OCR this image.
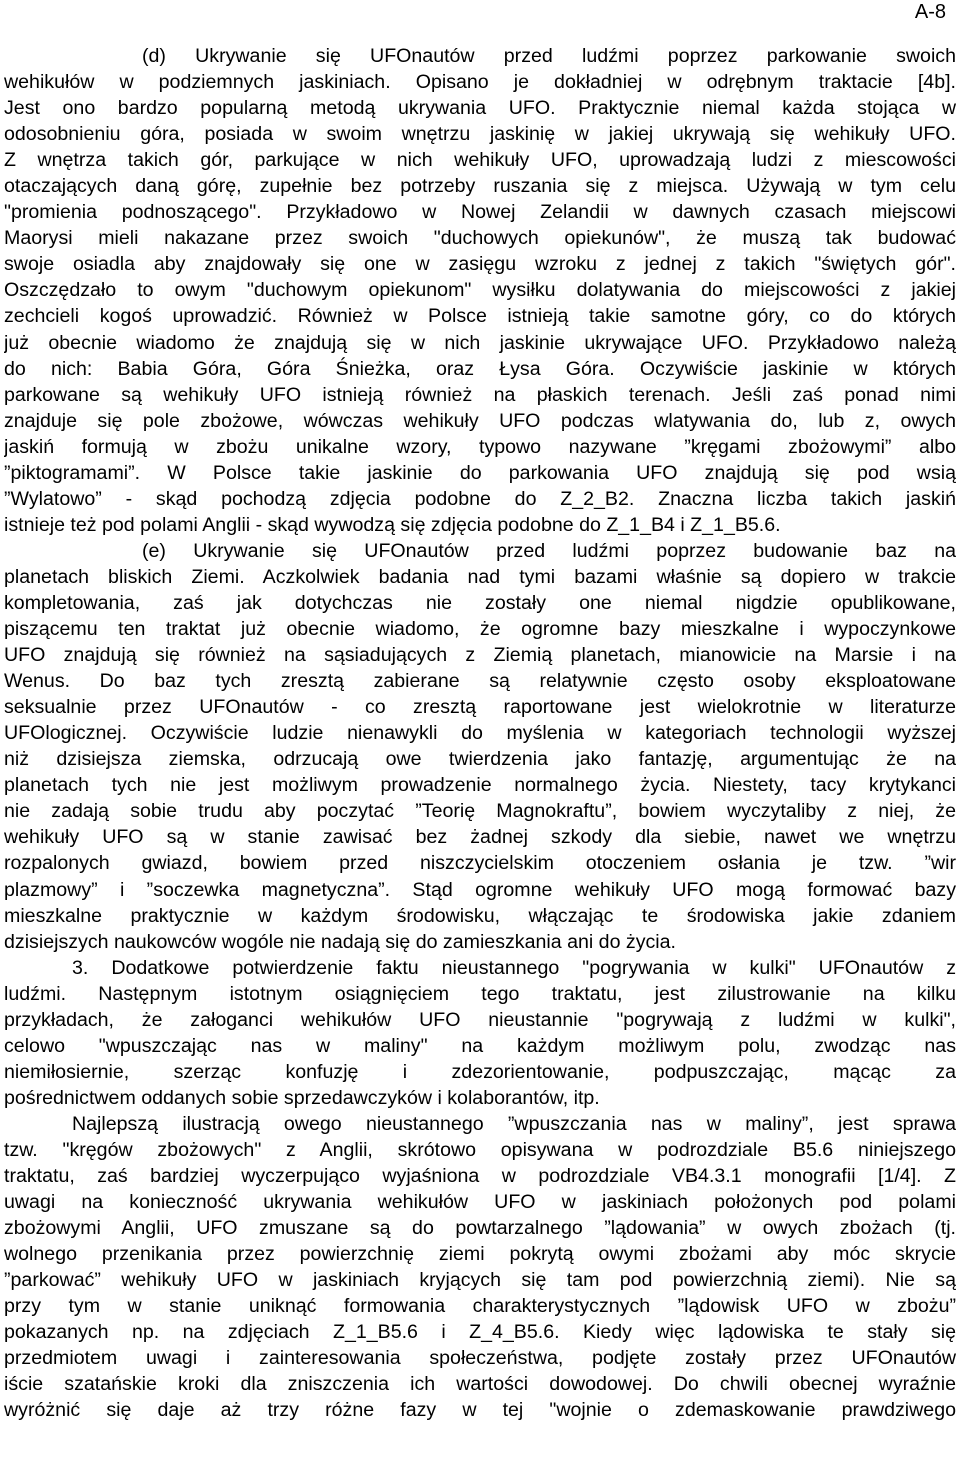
A-8
(d) Ukrywanie się UFOnautów przed ludźmi poprzez parkowanie swoich
wehikułów w podziemnych jaskiniach. Opisano je dokładniej w odrębnym traktacie [4b].
Jest ono bardzo popularną metodą ukrywania UFO. Praktycznie niemal każda stojąca w
odosobnieniu góra, posiada w swoim wnętrzu jaskinię w jakiej ukrywają się wehikuły UFO.
Z wnętrza takich gór, parkujące w nich wehikuły UFO, uprowadzają ludzi z miescowości
otaczających daną górę, zupełnie bez potrzeby ruszania się z miejsca. Używają w tym celu
"promienia podnoszącego". Przykładowo w Nowej Zelandii w dawnych czasach miejscowi
Maorysi mieli nakazane przez swoich "duchowych opiekunów", że muszą tak budować
swoje osiadla aby znajdowały się one w zasięgu wzroku z jednej z takich "świętych gór".
Oszczędzało to owym "duchowym opiekunom" wysiłku dolatywania do miejscowości z jakiej
zechcieli kogoś uprowadzić. Również w Polsce istnieją takie samotne góry, co do których
już obecnie wiadomo że znajdują się w nich jaskinie ukrywające UFO. Przykładowo należą
do nich: Babia Góra, Góra Śnieżka, oraz Łysa Góra. Oczywiście jaskinie w których
parkowane są wehikuły UFO istnieją również na płaskich terenach. Jeśli zaś ponad nimi
znajduje się pole zbożowe, wówczas wehikuły UFO podczas wlatywania do, lub z, owych
jaskiń formują w zbożu unikalne wzory, typowo nazywane ”kręgami zbożowymi” albo
”piktogramami”. W Polsce takie jaskinie do parkowania UFO znajdują się pod wsią
”Wylatowo” - skąd pochodzą zdjęcia podobne do Z_2_B2. Znaczna liczba takich jaskiń
istnieje też pod polami Anglii - skąd wywodzą się zdjęcia podobne do Z_1_B4 i Z_1_B5.6.
(e) Ukrywanie się UFOnautów przed ludźmi poprzez budowanie baz na
planetach bliskich Ziemi. Aczkolwiek badania nad tymi bazami właśnie są dopiero w trakcie
kompletowania, zaś jak dotychczas nie zostały one niemal nigdzie opublikowane,
piszącemu ten traktat już obecnie wiadomo, że ogromne bazy mieszkalne i wypoczynkowe
UFO znajdują się również na sąsiadujących z Ziemią planetach, mianowicie na Marsie i na
Wenus. Do baz tych zresztą zabierane są relatywnie często osoby eksploatowane
seksualnie przez UFOnautów - co zresztą raportowane jest wielokrotnie w literaturze
UFOlogicznej. Oczywiście ludzie nienawykli do myślenia w kategoriach technologii wyższej
niż dzisiejsza ziemska, odrzucają owe twierdzenia jako fantazję, argumentując że na
planetach tych nie jest możliwym prowadzenie normalnego życia. Niestety, tacy krytykanci
nie zadają sobie trudu aby poczytać ”Teorię Magnokraftu”, bowiem wyczytaliby z niej, że
wehikuły UFO są w stanie zawisać bez żadnej szkody dla siebie, nawet we wnętrzu
rozpalonych gwiazd, bowiem przed niszczycielskim otoczeniem osłania je tzw. ”wir
plazmowy” i ”soczewka magnetyczna”. Stąd ogromne wehikuły UFO mogą formować bazy
mieszkalne praktycznie w każdym środowisku, włączając te środowiska jakie zdaniem
dzisiejszych naukowców wogóle nie nadają się do zamieszkania ani do życia.
3. Dodatkowe potwierdzenie faktu nieustannego "pogrywania w kulki" UFOnautów z
ludźmi. Następnym istotnym osiągnięciem tego traktatu, jest zilustrowanie na kilku
przykładach, że załoganci wehikułów UFO nieustannie "pogrywają z ludźmi w kulki",
celowo "wpuszczając nas w maliny" na każdym możliwym polu, zwodząc nas
niemiłosiernie, szerząc konfuzję i zdezorientowanie, podpuszczając, mącąc za
pośrednictwem oddanych sobie sprzedawczyków i kolaborantów, itp.
Najlepszą ilustracją owego nieustannego ”wpuszczania nas w maliny”, jest sprawa
tzw. "kręgów zbożowych" z Anglii, skrótowo opisywana w podrozdziale B5.6 niniejszego
traktatu, zaś bardziej wyczerpująco wyjaśniona w podrozdziale VB4.3.1 monografii [1/4]. Z
uwagi na konieczność ukrywania wehikułów UFO w jaskiniach położonych pod polami
zbożowymi Anglii, UFO zmuszane są do powtarzalnego ”lądowania” w owych zbożach (tj.
wolnego przenikania przez powierzchnię ziemi pokrytą owymi zbożami aby móc skrycie
”parkować” wehikuły UFO w jaskiniach kryjących się tam pod powierzchnią ziemi). Nie są
przy tym w stanie uniknąć formowania charakterystycznych ”lądowisk UFO w zbożu”
pokazanych np. na zdjęciach Z_1_B5.6 i Z_4_B5.6. Kiedy więc lądowiska te stały się
przedmiotem uwagi i zainteresowania społeczeństwa, podjęte zostały przez UFOnautów
iście szatańskie kroki dla zniszczenia ich wartości dowodowej. Do chwili obecnej wyraźnie
wyróżnić się daje aż trzy różne fazy w tej "wojnie o zdemaskowanie prawdziwego
